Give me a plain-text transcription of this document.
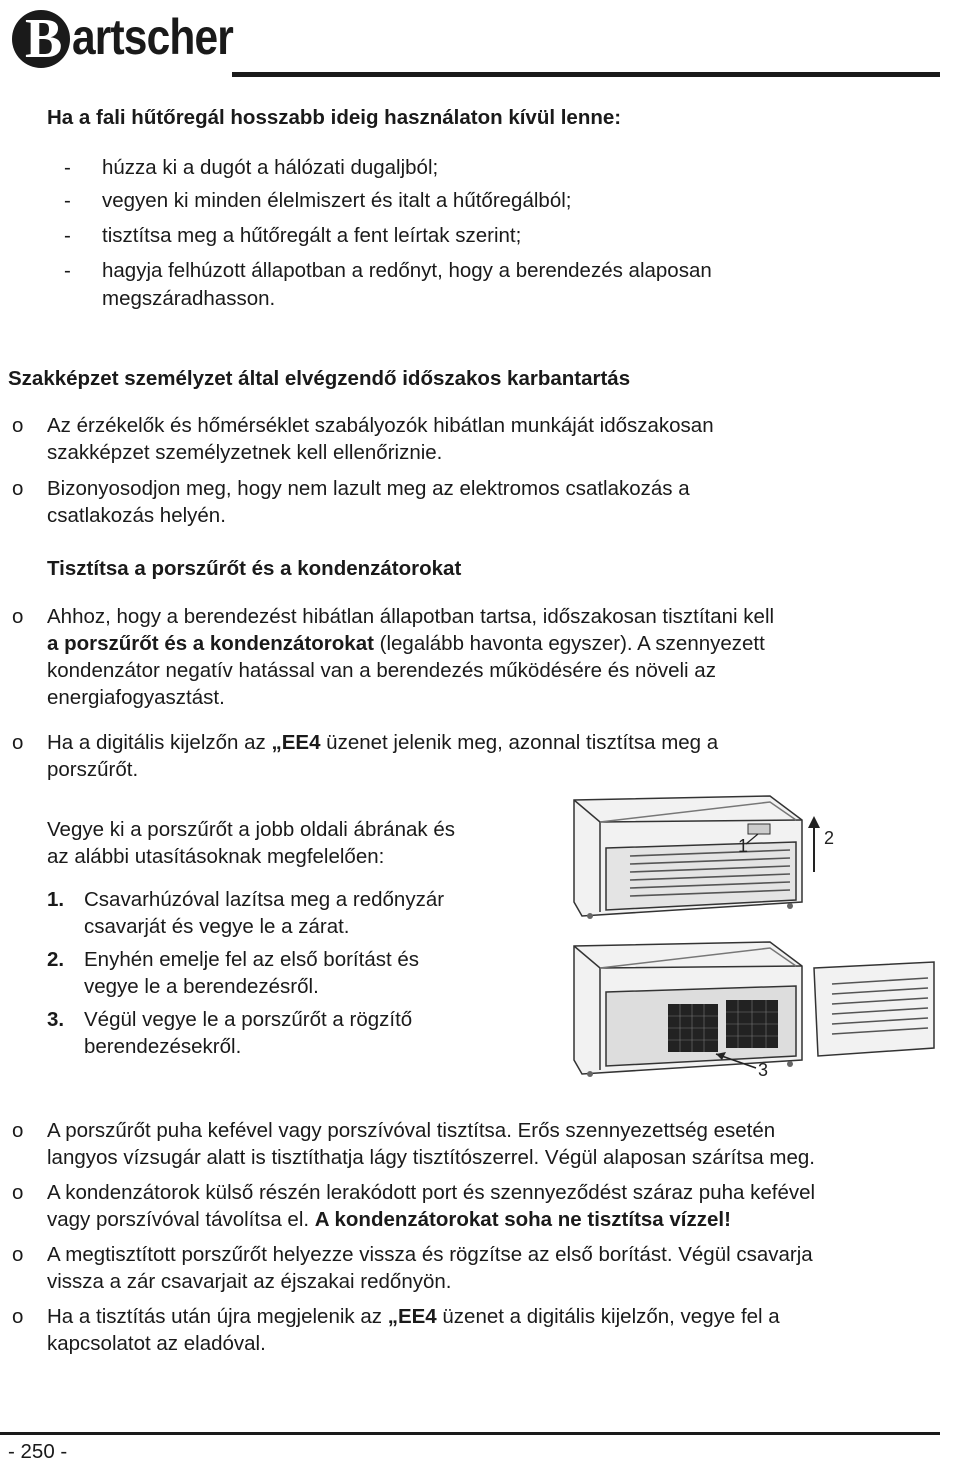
B artscher

Ha a fali hűtőregál hosszabb ideig használaton kívül lenne:

- húzza ki a dugót a hálózati dugaljból;

- vegyen ki minden élelmiszert és italt a hűtőregálból;

- tisztítsa meg a hűtőregált a fent leírtak szerint;

- hagyja felhúzott állapotban a redőnyt, hogy a berendezés alaposan

megszáradhasson.

Szakképzet személyzet által elvégzendő időszakos karbantartás

o Az érzékelők és hőmérséklet szabályozók hibátlan munkáját időszakosan

szakképzet személyzetnek kell ellenőriznie.

o Bizonyosodjon meg, hogy nem lazult meg az elektromos csatlakozás a

csatlakozás helyén.

Tisztítsa a porszűrőt és a kondenzátorokat

o Ahhoz, hogy a berendezést hibátlan állapotban tartsa, időszakosan tisztítani kell

a porszűrőt és a kondenzátorokat (legalább havonta egyszer). A szennyezett

kondenzátor negatív hatással van a berendezés működésére és növeli az

energiafogyasztást.

o Ha a digitális kijelzőn az „EE4 üzenet jelenik meg, azonnal tisztítsa meg a

porszűrőt.

Vegye ki a porszűrőt a jobb oldali ábrának és

az alábbi utasításoknak megfelelően:

1. Csavarhúzóval lazítsa meg a redőnyzár

csavarját és vegye le a zárat.

2. Enyhén emelje fel az első borítást és

vegye le a berendezésről.

3. Végül vegye le a porszűrőt a rögzítő

berendezésekről.

1	2
3
o A porszűrőt puha kefével vagy porszívóval tisztítsa. Erős szennyezettség esetén

langyos vízsugár alatt is tisztíthatja lágy tisztítószerrel. Végül alaposan szárítsa meg.

o A kondenzátorok külső részén lerakódott port és szennyeződést száraz puha kefével

vagy porszívóval távolítsa el. A kondenzátorokat soha ne tisztítsa vízzel!

o A megtisztított porszűrőt helyezze vissza és rögzítse az első borítást. Végül csavarja

vissza a zár csavarjait az éjszakai redőnyön.

o Ha a tisztítás után újra megjelenik az „EE4 üzenet a digitális kijelzőn, vegye fel a

kapcsolatot az eladóval.

- 250 -
